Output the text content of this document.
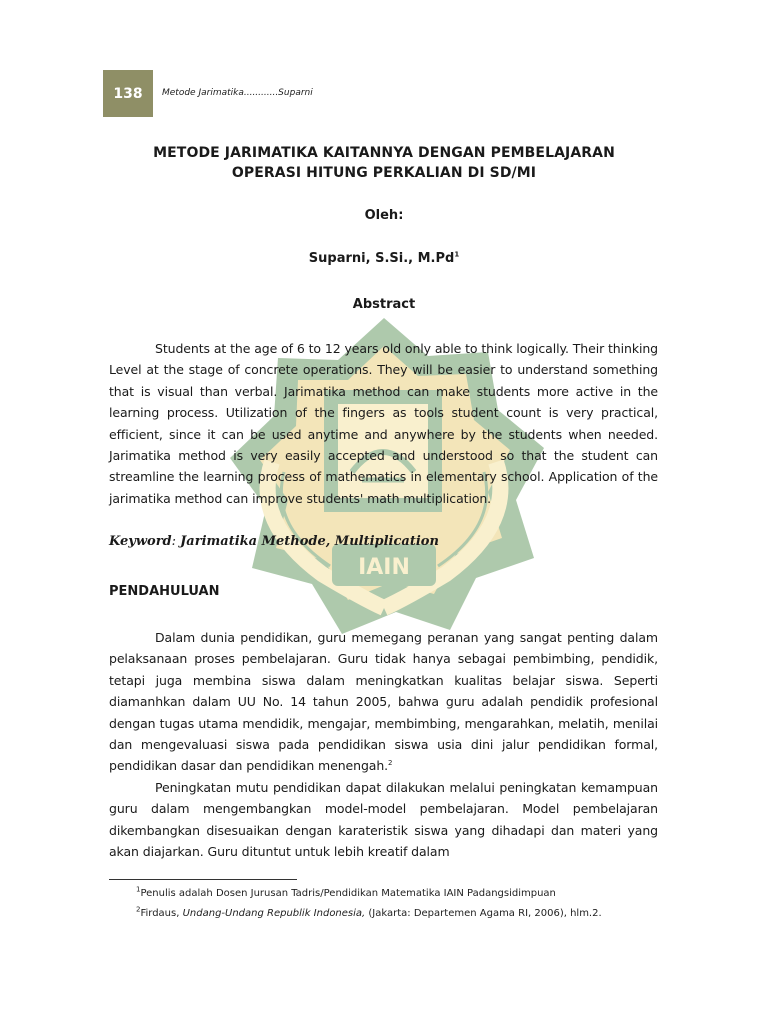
IAIN
138	Metode Jarimatika............Suparni
METODE JARIMATIKA KAITANNYA DENGAN PEMBELAJARAN
OPERASI HITUNG PERKALIAN DI SD/MI
Oleh:
Suparni, S.Si., M.Pd$^1$
Abstract

Students at the age of 6 to 12 years old only able to think logically. Their thinking Level at the stage of concrete operations. They will be easier to understand something that is visual than verbal. Jarimatika method can make students more active in the learning process. Utilization of the fingers as tools student count is very practical, efficient, since it can be used anytime and anywhere by the students when needed. Jarimatika method is very easily accepted and understood so that the student can streamline the learning process of mathematics in elementary school. Application of the jarimatika method can improve students' math multiplication.

Keyword: Jarimatika Methode, Multiplication
PENDAHULUAN

Dalam dunia pendidikan, guru memegang peranan yang sangat penting dalam pelaksanaan proses pembelajaran. Guru tidak hanya sebagai pembimbing, pendidik, tetapi juga membina siswa dalam meningkatkan kualitas belajar siswa. Seperti diamanhkan dalam UU No. 14 tahun 2005, bahwa guru adalah pendidik profesional dengan tugas utama mendidik, mengajar, membimbing, mengarahkan, melatih, menilai dan mengevaluasi siswa pada pendidikan siswa usia dini jalur pendidikan formal, pendidikan dasar dan pendidikan menengah.$^2$

Peningkatan mutu pendidikan dapat dilakukan melalui peningkatan kemampuan guru dalam mengembangkan model-model pembelajaran. Model pembelajaran dikembangkan disesuaikan dengan karateristik siswa yang dihadapi dan materi yang akan diajarkan. Guru dituntut untuk lebih kreatif dalam

$^1$Penulis adalah Dosen Jurusan Tadris/Pendidikan Matematika IAIN Padangsidimpuan
$^2$Firdaus, Undang-Undang Republik Indonesia, (Jakarta: Departemen Agama RI, 2006), hlm.2.
